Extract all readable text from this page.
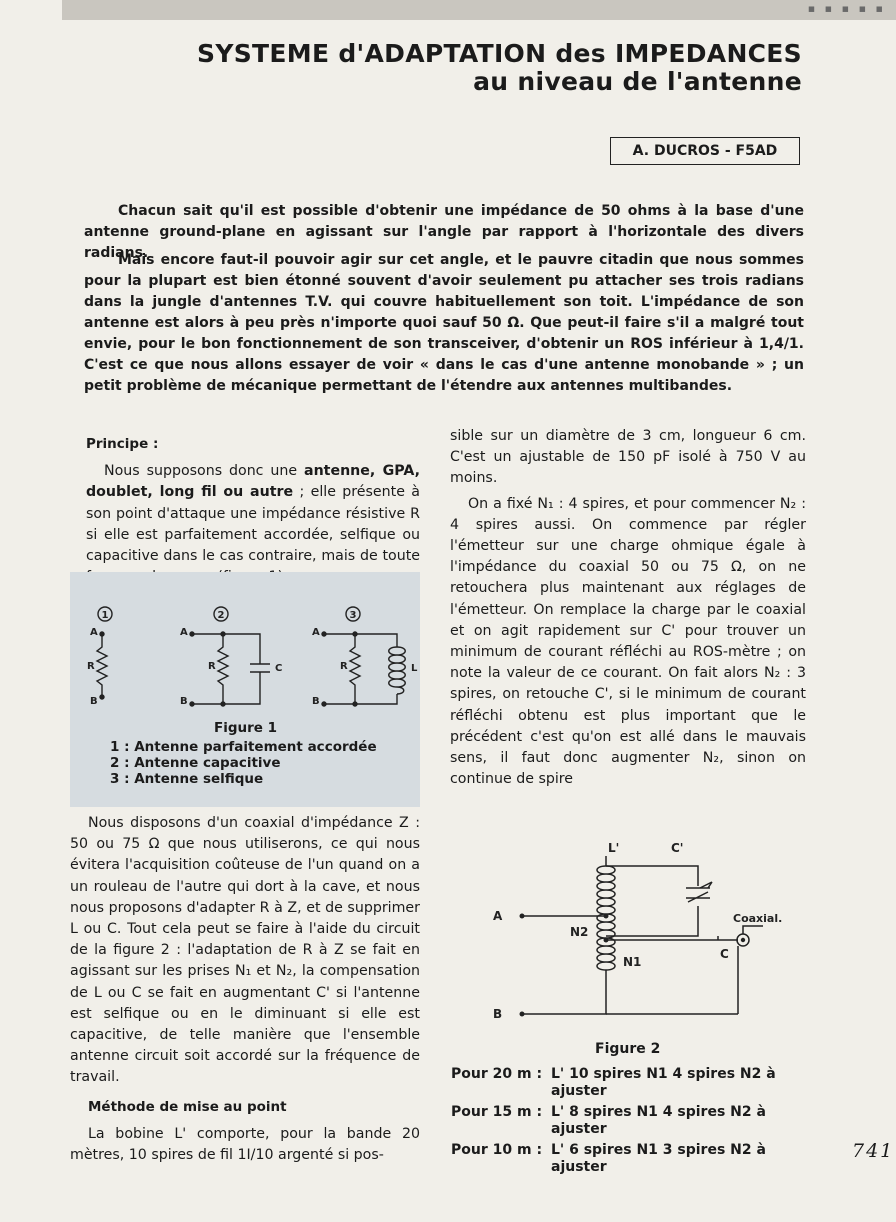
▪ ▪ ▪ ▪ ▪
SYSTEME d'ADAPTATION des IMPEDANCES
au niveau de l'antenne
A. DUCROS - F5AD

Chacun sait qu'il est possible d'obtenir une impédance de 50 ohms à la base d'une antenne ground-plane en agissant sur l'angle par rapport à l'horizontale des divers radians.

Mais encore faut-il pouvoir agir sur cet angle, et le pauvre citadin que nous sommes pour la plupart est bien étonné souvent d'avoir seulement pu attacher ses trois radians dans la jungle d'antennes T.V. qui couvre habituellement son toit. L'impédance de son antenne est alors à peu près n'importe quoi sauf 50 Ω. Que peut-il faire s'il a malgré tout envie, pour le bon fonctionnement de son transceiver, d'obtenir un ROS inférieur à 1,4/1. C'est ce que nous allons essayer de voir « dans le cas d'une antenne monobande » ; un petit problème de mécanique permettant de l'étendre aux antennes multibandes.

Principe :

Nous supposons donc une antenne, GPA, doublet, long fil ou autre ; elle présente à son point d'attaque une impédance résistive R si elle est parfaitement accordée, selfique ou capacitive dans le cas contraire, mais de toute

1	2	3
A
B
R
A
B
R	C
A
B
R	L
Figure 1
1 : Antenne parfaitement accordée
2 : Antenne capacitive
3 : Antenne selfique

Nous disposons d'un coaxial d'impédance Z : 50 ou 75 Ω que nous utiliserons, ce qui nous évitera l'acquisition coûteuse de l'un quand on a un rouleau de l'autre qui dort à la cave, et nous nous proposons d'adapter R à Z, et de supprimer L ou C. Tout cela peut se faire à l'aide du circuit de la figure 2 : l'adaptation de R à Z se fait en agissant sur les prises N₁ et N₂, la compensation de L ou C se fait en augmentant C' si l'antenne est selfique ou en le diminuant si elle est capacitive, de telle manière que l'ensemble antenne circuit soit accordé sur la fréquence de travail.

Méthode de mise au point

La bobine L' comporte, pour la bande 20 mètres, 10 spires de fil 1I/10 argenté si pos-

sible sur un diamètre de 3 cm, longueur 6 cm. C'est un ajustable de 150 pF isolé à 750 V au moins.

On a fixé N₁ : 4 spires, et pour commencer N₂ : 4 spires aussi. On commence par régler l'émetteur sur une charge ohmique égale à l'impédance du coaxial 50 ou 75 Ω, on ne retouchera plus maintenant aux réglages de l'émetteur. On remplace la charge par le coaxial et on agit rapidement sur C' pour trouver un minimum de courant réfléchi au ROS-mètre ; on note la valeur de ce courant. On fait alors N₂ : 3 spires, on retouche C', si le minimum de courant réfléchi obtenu est plus important que le précédent c'est qu'on est allé dans le mauvais sens, il faut donc augmenter N₂, sinon on continue de spire

L'	C'
A
B
N2
N1
C
Coaxial.
Figure 2
Pour 20 m : L' 10 spires N1 4 spires N2 à ajuster
Pour 15 m : L' 8 spires N1 4 spires N2 à ajuster
Pour 10 m : L' 6 spires N1 3 spires N2 à ajuster
741
